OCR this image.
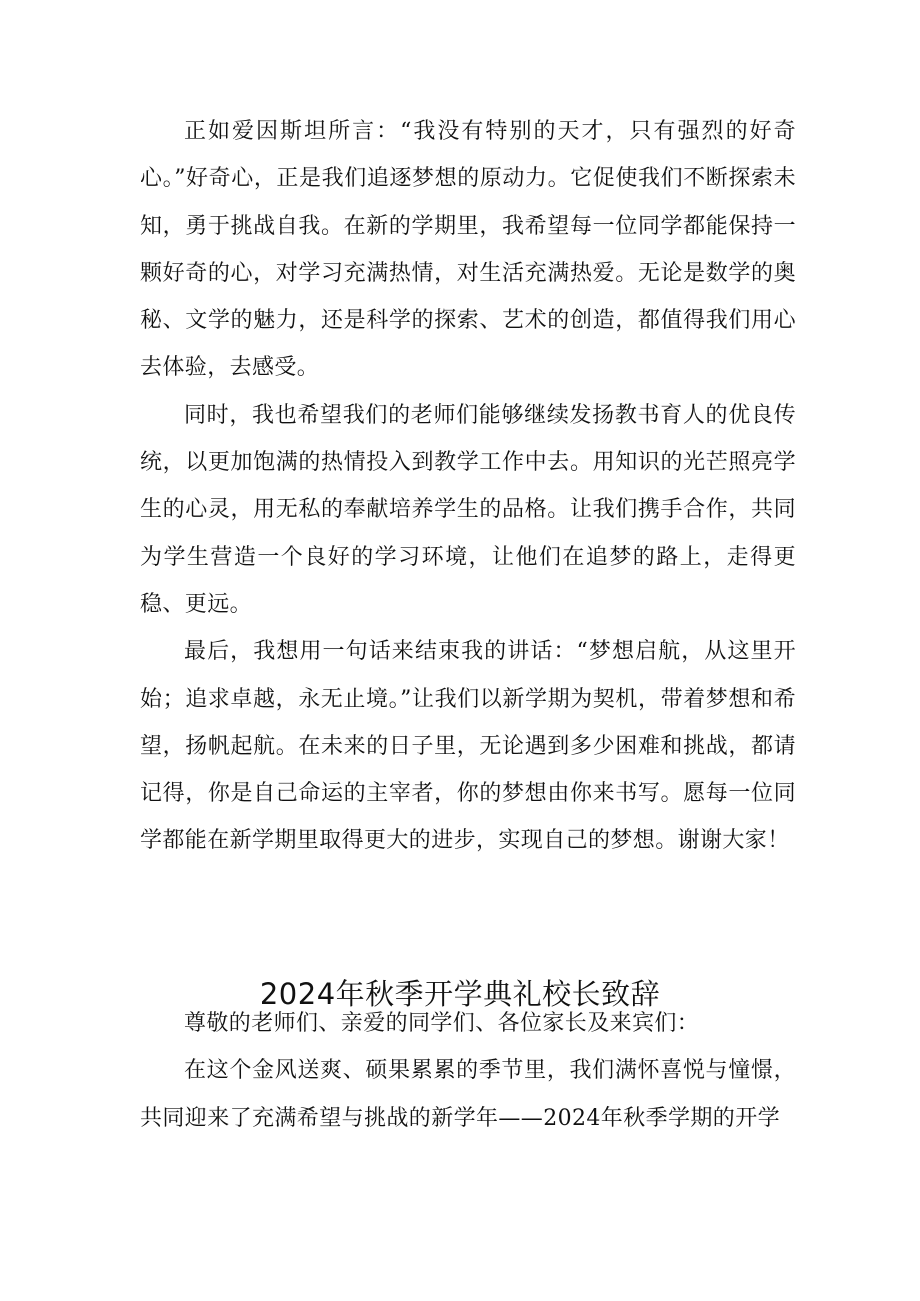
正如爱因斯坦所言：“我没有特别的天才，只有强烈的好奇心。”好奇心，正是我们追逐梦想的原动力。它促使我们不断探索未知，勇于挑战自我。在新的学期里，我希望每一位同学都能保持一颗好奇的心，对学习充满热情，对生活充满热爱。无论是数学的奥秘、文学的魅力，还是科学的探索、艺术的创造，都值得我们用心去体验，去感受。

同时，我也希望我们的老师们能够继续发扬教书育人的优良传统，以更加饱满的热情投入到教学工作中去。用知识的光芒照亮学生的心灵，用无私的奉献培养学生的品格。让我们携手合作，共同为学生营造一个良好的学习环境，让他们在追梦的路上，走得更稳、更远。

最后，我想用一句话来结束我的讲话：“梦想启航，从这里开始；追求卓越，永无止境。”让我们以新学期为契机，带着梦想和希望，扬帆起航。在未来的日子里，无论遇到多少困难和挑战，都请记得，你是自己命运的主宰者，你的梦想由你来书写。愿每一位同学都能在新学期里取得更大的进步，实现自己的梦想。谢谢大家！

2024年秋季开学典礼校长致辞

尊敬的老师们、亲爱的同学们、各位家长及来宾们：

在这个金风送爽、硕果累累的季节里，我们满怀喜悦与憧憬，共同迎来了充满希望与挑战的新学年——2024年秋季学期的开学
